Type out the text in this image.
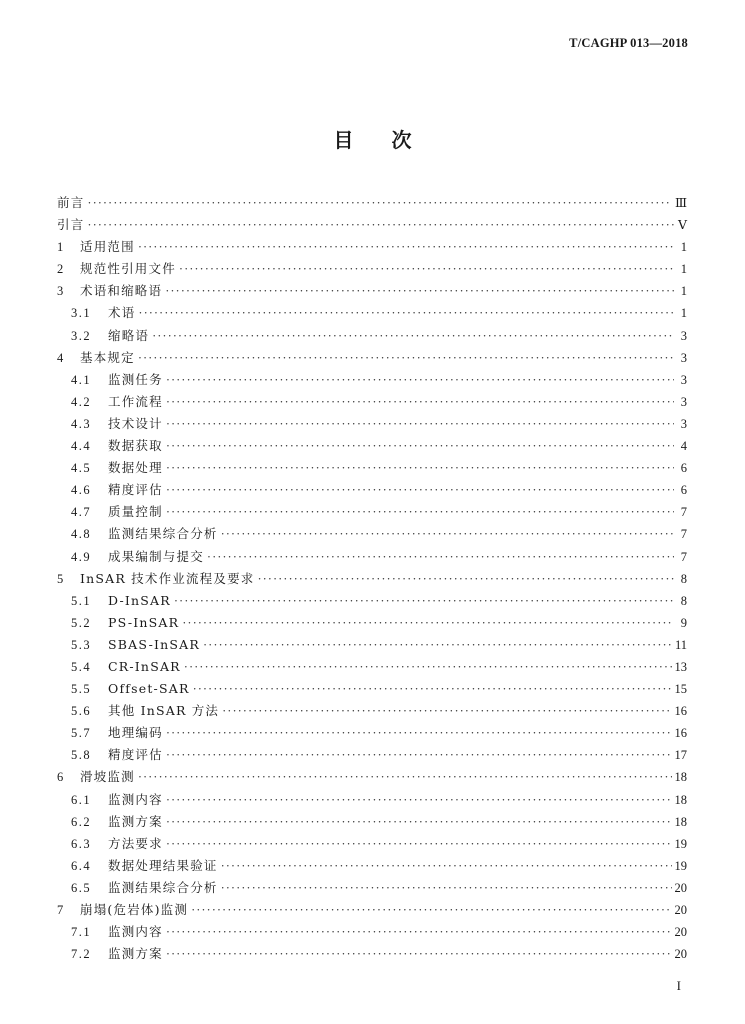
T/CAGHP 013—2018
目次
前言 ·····	Ⅲ
引言 ·····	Ⅴ
1	适用范围 ·····	1
2	规范性引用文件 ·····	1
3	术语和缩略语 ·····	1
3.1	术语 ·····	1
3.2	缩略语 ·····	3
4	基本规定 ·····	3
4.1	监测任务 ·····	3
4.2	工作流程 ·····	3
4.3	技术设计 ·····	3
4.4	数据获取 ·····	4
4.5	数据处理 ·····	6
4.6	精度评估 ·····	6
4.7	质量控制 ·····	7
4.8	监测结果综合分析 ·····	7
4.9	成果编制与提交 ·····	7
5	InSAR 技术作业流程及要求 ·····	8
5.1	D-InSAR ·····	8
5.2	PS-InSAR ·····	9
5.3	SBAS-InSAR ·····	11
5.4	CR-InSAR ·····	13
5.5	Offset-SAR ·····	15
5.6	其他 InSAR 方法 ·····	16
5.7	地理编码 ·····	16
5.8	精度评估 ·····	17
6	滑坡监测 ·····	18
6.1	监测内容 ·····	18
6.2	监测方案 ·····	18
6.3	方法要求 ·····	19
6.4	数据处理结果验证 ·····	19
6.5	监测结果综合分析 ·····	20
7	崩塌(危岩体)监测 ·····	20
7.1	监测内容 ·····	20
7.2	监测方案 ·····	20
I
